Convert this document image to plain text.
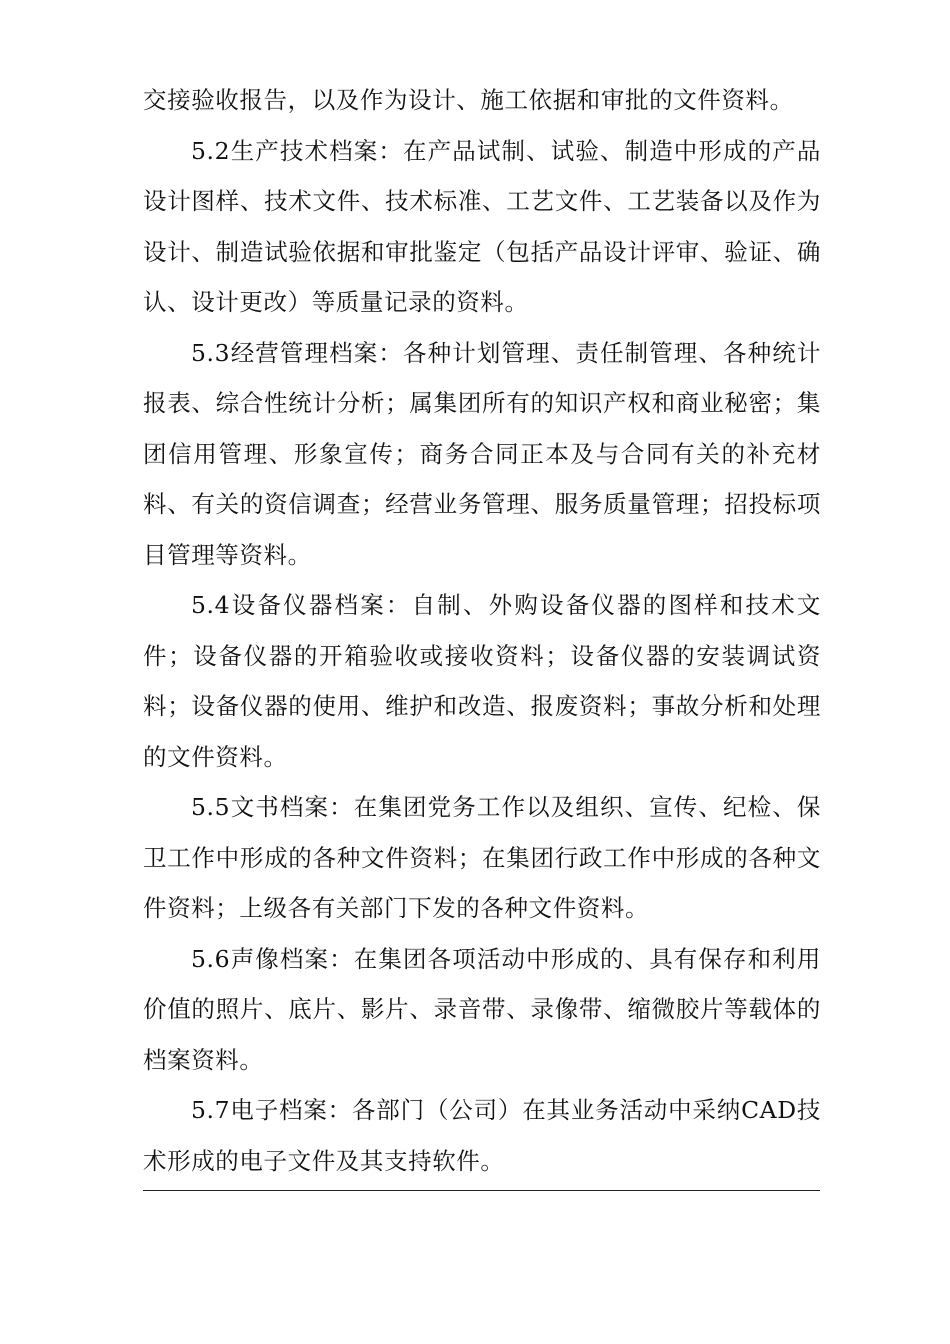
交接验收报告，以及作为设计、施工依据和审批的文件资料。

5.2生产技术档案：在产品试制、试验、制造中形成的产品设计图样、技术文件、技术标准、工艺文件、工艺装备以及作为设计、制造试验依据和审批鉴定（包括产品设计评审、验证、确认、设计更改）等质量记录的资料。

5.3经营管理档案：各种计划管理、责任制管理、各种统计报表、综合性统计分析；属集团所有的知识产权和商业秘密；集团信用管理、形象宣传；商务合同正本及与合同有关的补充材料、有关的资信调查；经营业务管理、服务质量管理；招投标项目管理等资料。

5.4设备仪器档案：自制、外购设备仪器的图样和技术文件；设备仪器的开箱验收或接收资料；设备仪器的安装调试资料；设备仪器的使用、维护和改造、报废资料；事故分析和处理的文件资料。

5.5文书档案：在集团党务工作以及组织、宣传、纪检、保卫工作中形成的各种文件资料；在集团行政工作中形成的各种文件资料；上级各有关部门下发的各种文件资料。

5.6声像档案：在集团各项活动中形成的、具有保存和利用价值的照片、底片、影片、录音带、录像带、缩微胶片等载体的档案资料。

5.7电子档案：各部门（公司）在其业务活动中采纳CAD技术形成的电子文件及其支持软件。
